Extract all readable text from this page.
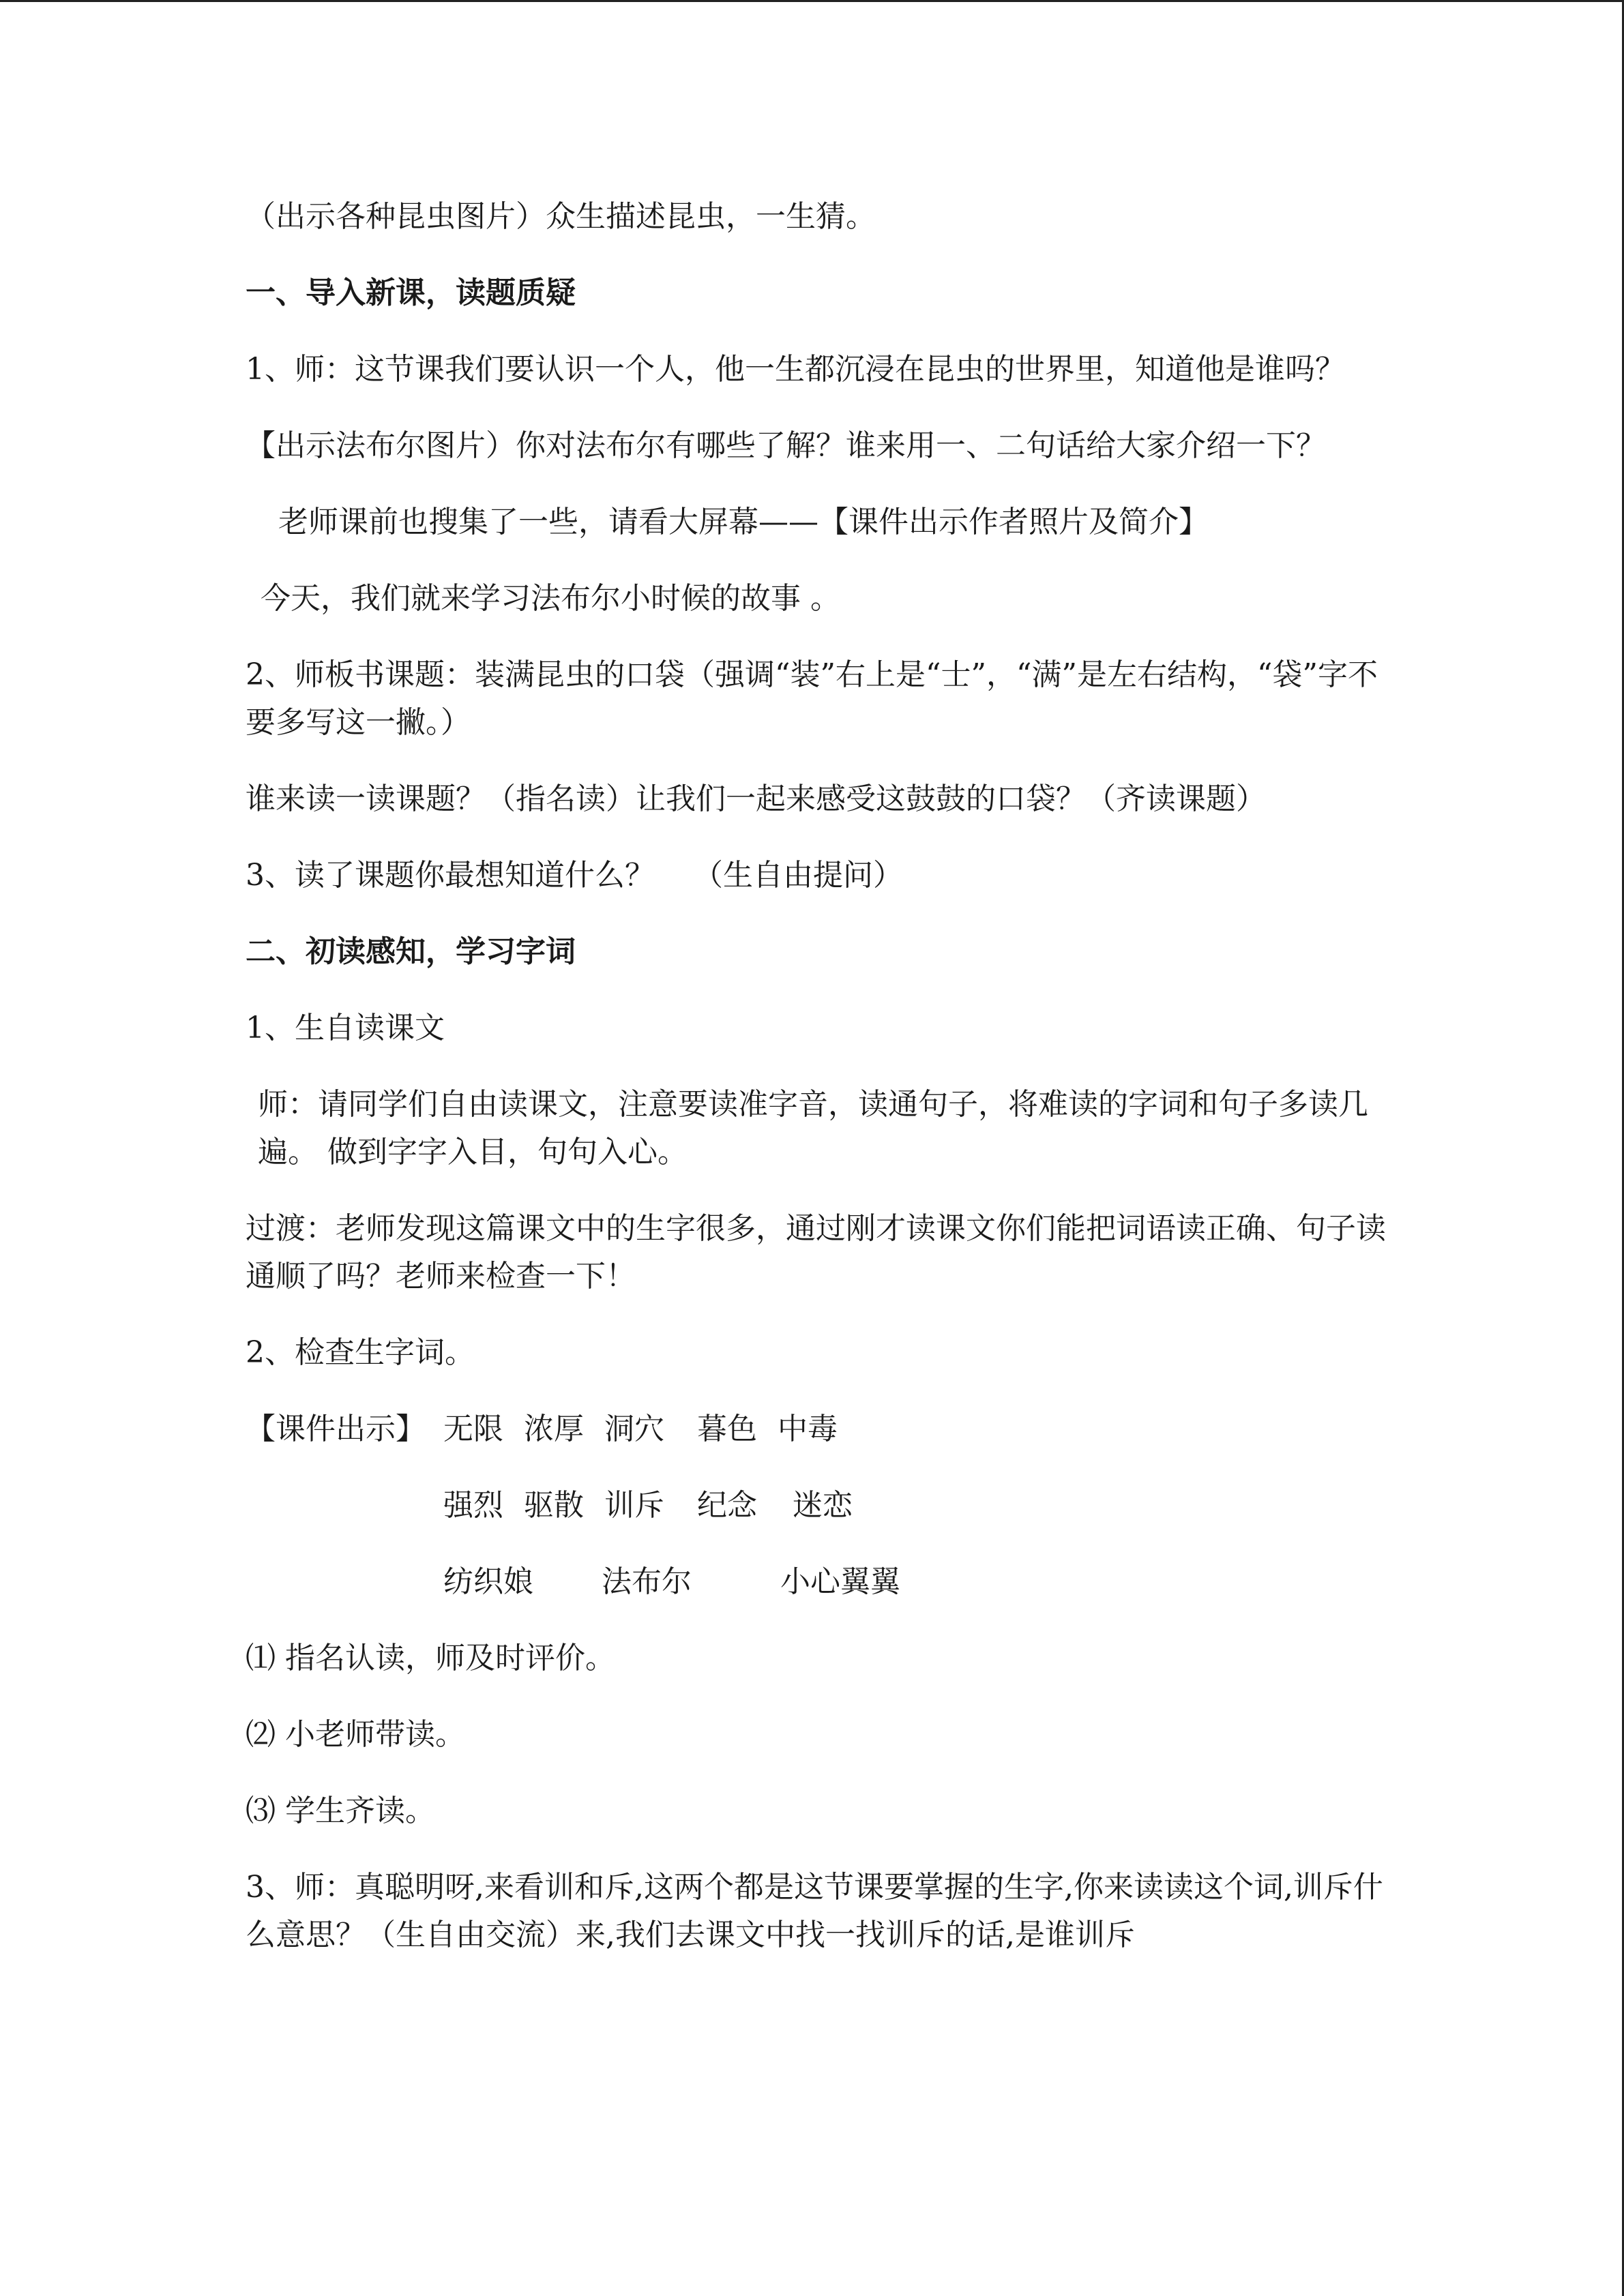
（出示各种昆虫图片）众生描述昆虫，一生猜。
一、导入新课，读题质疑
1、师：这节课我们要认识一个人，他一生都沉浸在昆虫的世界里，知道他是谁吗？
【出示法布尔图片）你对法布尔有哪些了解？谁来用一、二句话给大家介绍一下？
老师课前也搜集了一些，请看大屏幕——【课件出示作者照片及简介】
今天，我们就来学习法布尔小时候的故事 。
2、师板书课题：装满昆虫的口袋（强调“装”右上是“士”，“满”是左右结构，“袋”字不要多写这一撇。）
谁来读一读课题？（指名读）让我们一起来感受这鼓鼓的口袋？（齐读课题）
3、读了课题你最想知道什么？    （生自由提问）
二、初读感知，学习字词
1、生自读课文
师：请同学们自由读课文，注意要读准字音，读通句子，将难读的字词和句子多读几遍。 做到字字入目，句句入心。
过渡：老师发现这篇课文中的生字很多，通过刚才读课文你们能把词语读正确、句子读通顺了吗？老师来检查一下！
2、检查生字词。
【课件出示】 无限 浓厚 洞穴 暮色 中毒
强烈 驱散 训斥 纪念 迷恋
纺织娘 法布尔	小心翼翼
⑴ 指名认读，师及时评价。
⑵ 小老师带读。
⑶ 学生齐读。
3、师：真聪明呀,来看训和斥,这两个都是这节课要掌握的生字,你来读读这个词,训斥什么意思？（生自由交流）来,我们去课文中找一找训斥的话,是谁训斥
